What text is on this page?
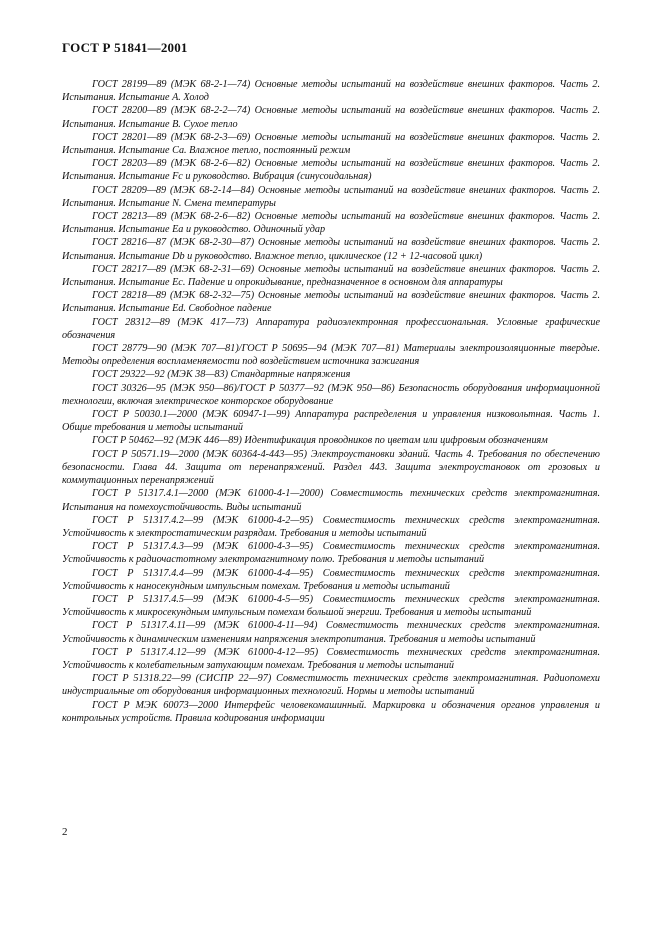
ГОСТ Р 51841—2001

ГОСТ 28199—89 (МЭК 68-2-1—74) Основные методы испытаний на воздействие внешних факторов. Часть 2. Испытания. Испытание А. Холод

ГОСТ 28200—89 (МЭК 68-2-2—74) Основные методы испытаний на воздействие внешних факторов. Часть 2. Испытания. Испытание В. Сухое тепло

ГОСТ 28201—89 (МЭК 68-2-3—69) Основные методы испытаний на воздействие внешних факторов. Часть 2. Испытания. Испытание Са. Влажное тепло, постоянный режим

ГОСТ 28203—89 (МЭК 68-2-6—82) Основные методы испытаний на воздействие внешних факторов. Часть 2. Испытания. Испытание Fc и руководство. Вибрация (синусоидальная)

ГОСТ 28209—89 (МЭК 68-2-14—84) Основные методы испытаний на воздействие внешних факторов. Часть 2. Испытания. Испытание N. Смена температуры

ГОСТ 28213—89 (МЭК 68-2-6—82) Основные методы испытаний на воздействие внешних факторов. Часть 2. Испытания. Испытание Еа и руководство. Одиночный удар

ГОСТ 28216—87 (МЭК 68-2-30—87) Основные методы испытаний на воздействие внешних факторов. Часть 2. Испытания. Испытание Db и руководство. Влажное тепло, циклическое (12 + 12-часовой цикл)

ГОСТ 28217—89 (МЭК 68-2-31—69) Основные методы испытаний на воздействие внешних факторов. Часть 2. Испытания. Испытание Ес. Падение и опрокидывание, предназначенное в основном для аппаратуры

ГОСТ 28218—89 (МЭК 68-2-32—75) Основные методы испытаний на воздействие внешних факторов. Часть 2. Испытания. Испытание Ed. Свободное падение

ГОСТ 28312—89 (МЭК 417—73) Аппаратура радиоэлектронная профессиональная. Условные графические обозначения

ГОСТ 28779—90 (МЭК 707—81)/ГОСТ Р 50695—94 (МЭК 707—81) Материалы электроизоляционные твердые. Методы определения воспламеняемости под воздействием источника зажигания

ГОСТ 29322—92 (МЭК 38—83) Стандартные напряжения

ГОСТ 30326—95 (МЭК 950—86)/ГОСТ Р 50377—92 (МЭК 950—86) Безопасность оборудования информационной технологии, включая электрическое конторское оборудование

ГОСТ Р 50030.1—2000 (МЭК 60947-1—99) Аппаратура распределения и управления низковольтная. Часть 1. Общие требования и методы испытаний

ГОСТ Р 50462—92 (МЭК 446—89) Идентификация проводников по цветам или цифровым обозначениям

ГОСТ Р 50571.19—2000 (МЭК 60364-4-443—95) Электроустановки зданий. Часть 4. Требования по обеспечению безопасности. Глава 44. Защита от перенапряжений. Раздел 443. Защита электроустановок от грозовых и коммутационных перенапряжений

ГОСТ Р 51317.4.1—2000 (МЭК 61000-4-1—2000) Совместимость технических средств электромагнитная. Испытания на помехоустойчивость. Виды испытаний

ГОСТ Р 51317.4.2—99 (МЭК 61000-4-2—95) Совместимость технических средств электромагнитная. Устойчивость к электростатическим разрядам. Требования и методы испытаний

ГОСТ Р 51317.4.3—99 (МЭК 61000-4-3—95) Совместимость технических средств электромагнитная. Устойчивость к радиочастотному электромагнитному полю. Требования и методы испытаний

ГОСТ Р 51317.4.4—99 (МЭК 61000-4-4—95) Совместимость технических средств электромагнитная. Устойчивость к наносекундным импульсным помехам. Требования и методы испытаний

ГОСТ Р 51317.4.5—99 (МЭК 61000-4-5—95) Совместимость технических средств электромагнитная. Устойчивость к микросекундным импульсным помехам большой энергии. Требования и методы испытаний

ГОСТ Р 51317.4.11—99 (МЭК 61000-4-11—94) Совместимость технических средств электромагнитная. Устойчивость к динамическим изменениям напряжения электропитания. Требования и методы испытаний

ГОСТ Р 51317.4.12—99 (МЭК 61000-4-12—95) Совместимость технических средств электромагнитная. Устойчивость к колебательным затухающим помехам. Требования и методы испытаний

ГОСТ Р 51318.22—99 (СИСПР 22—97) Совместимость технических средств электромагнитная. Радиопомехи индустриальные от оборудования информационных технологий. Нормы и методы испытаний

ГОСТ Р МЭК 60073—2000 Интерфейс человекомашинный. Маркировка и обозначения органов управления и контрольных устройств. Правила кодирования информации

2
